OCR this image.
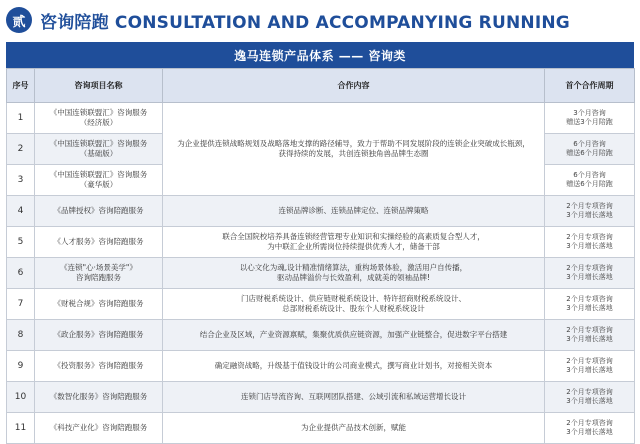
贰 咨询陪跑 CONSULTATION AND ACCOMPANYING RUNNING
逸马连锁产品体系 —— 咨询类
序号	咨询项目名称	合作内容	首个合作周期
1	《中国连锁联盟汇》咨询服务
（经济版）	为企业提供连锁战略规划及战略落地支撑的路径辅导，致力于帮助不同发展阶段的连锁企业突破成长瓶颈，获得持续的发展，共创连锁独角兽品牌生态圈	3个月咨询
赠送3个月陪跑

2	《中国连锁联盟汇》咨询服务
（基础版）		6个月咨询
赠送6个月陪跑

3	《中国连锁联盟汇》咨询服务
（豪华版）		6个月咨询
赠送6个月陪跑

4	《品牌授权》咨询陪跑服务	连锁品牌诊断、连锁品牌定位、连锁品牌策略	2个月专项咨询
3个月增长落地

5	《人才服务》咨询陪跑服务	联合全国院校培养具备连锁经营管理专业知识和实操经验的高素质复合型人才，
为中联汇企业所需岗位持续提供优秀人才，储备干部	2个月专项咨询
3个月增长落地

6	《连锁"心·场景美学"》
咨询陪跑服务	以心文化为魂,设计精准情绪算法，重构场景体验，激活用户自传播，
驱动品牌溢价与长效盈利，成就美的领袖品牌!	2个月专项咨询
3个月增长落地

7	《财税合规》咨询陪跑服务	门店财税系统设计、供应链财税系统设计、特许招商财税系统设计、
总部财税系统设计、股东个人财税系统设计	2个月专项咨询
3个月增长落地

8	《政企服务》咨询陪跑服务	结合企业及区域，产业资源禀赋，集聚优质供应链资源，加强产业链整合，促进数字平台搭建	2个月专项咨询
3个月增长落地

9	《投资服务》咨询陪跑服务	确定融资战略，升级基于值钱设计的公司商业模式，撰写商业计划书，对接相关资本	2个月专项咨询
3个月增长落地

10	《数智化服务》咨询陪跑服务	连锁门店导流咨询、互联网团队搭建、公域引流和私域运营增长设计	2个月专项咨询
3个月增长落地

11	《科技产业化》咨询陪跑服务	为企业提供产品技术创新，赋能	2个月专项咨询
3个月增长落地
